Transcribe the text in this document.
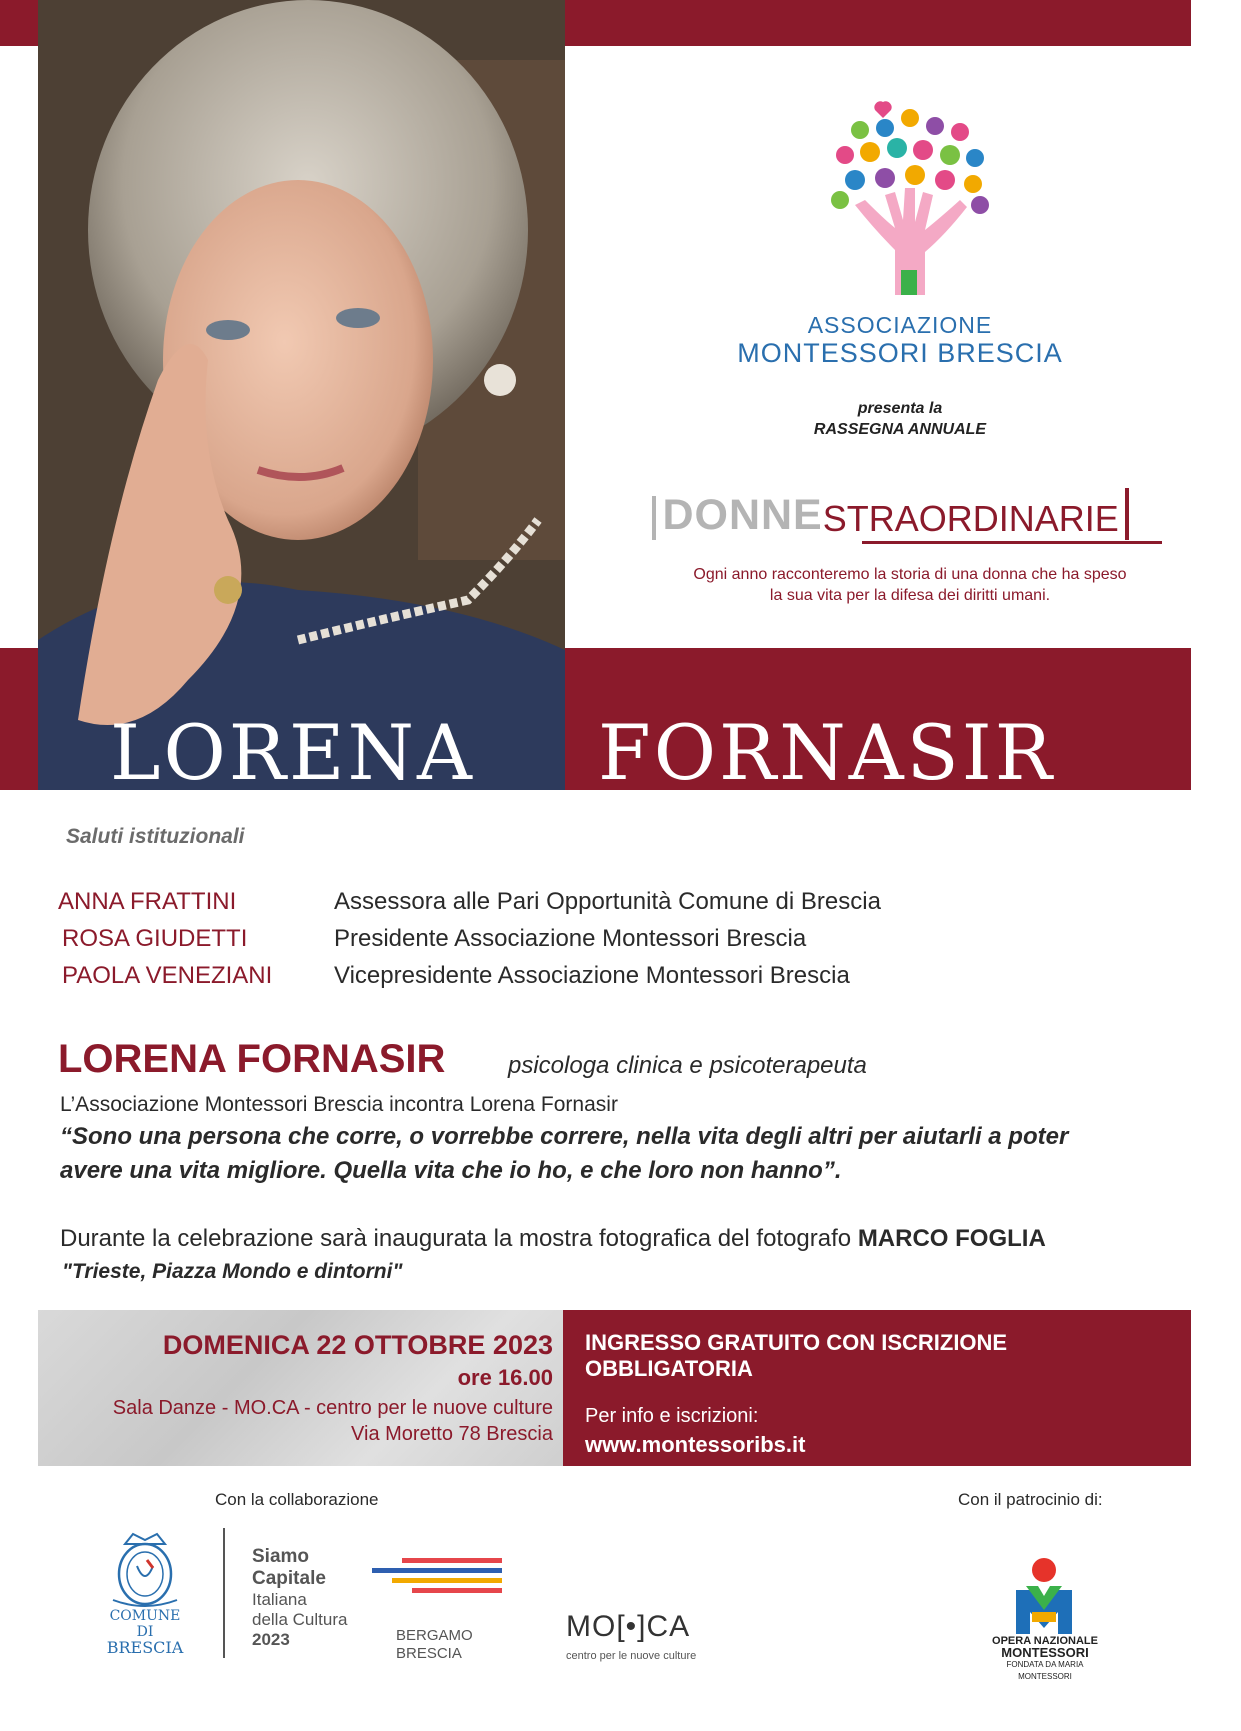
ASSOCIAZIONE
MONTESSORI BRESCIA
presenta la
RASSEGNA ANNUALE
DONNESTRAORDINARIE
Ogni anno racconteremo la storia di una donna che ha speso
la sua vita per la difesa dei diritti umani.
LORENA FORNASIR
Saluti istituzionali
ANNA FRATTINI	Assessora alle Pari Opportunità Comune di Brescia
ROSA GIUDETTI	Presidente Associazione Montessori Brescia
PAOLA VENEZIANI	Vicepresidente Associazione Montessori Brescia
LORENA FORNASIR	psicologa clinica e psicoterapeuta
L’Associazione Montessori Brescia incontra Lorena Fornasir
“Sono una persona che corre, o vorrebbe correre, nella vita degli altri per aiutarli a poter
avere una vita migliore. Quella vita che io ho, e che loro non hanno”.
Durante la celebrazione sarà inaugurata la mostra fotografica del fotografo MARCO FOGLIA
"Trieste, Piazza Mondo e dintorni"
DOMENICA 22 OTTOBRE 2023
ore 16.00
Sala Danze - MO.CA - centro per le nuove culture
Via Moretto 78 Brescia
INGRESSO GRATUITO CON ISCRIZIONE
OBBLIGATORIA
Per info e iscrizioni:
www.montessoribs.it
Con la collaborazione	Con il patrocinio di:
COMUNE DI
BRESCIA
Siamo
Capitale
Italiana
della Cultura
2023	BERGAMO
BRESCIA
MO[•]CA
centro per le nuove culture
OPERA NAZIONALE
MONTESSORI
FONDATA DA MARIA MONTESSORI
